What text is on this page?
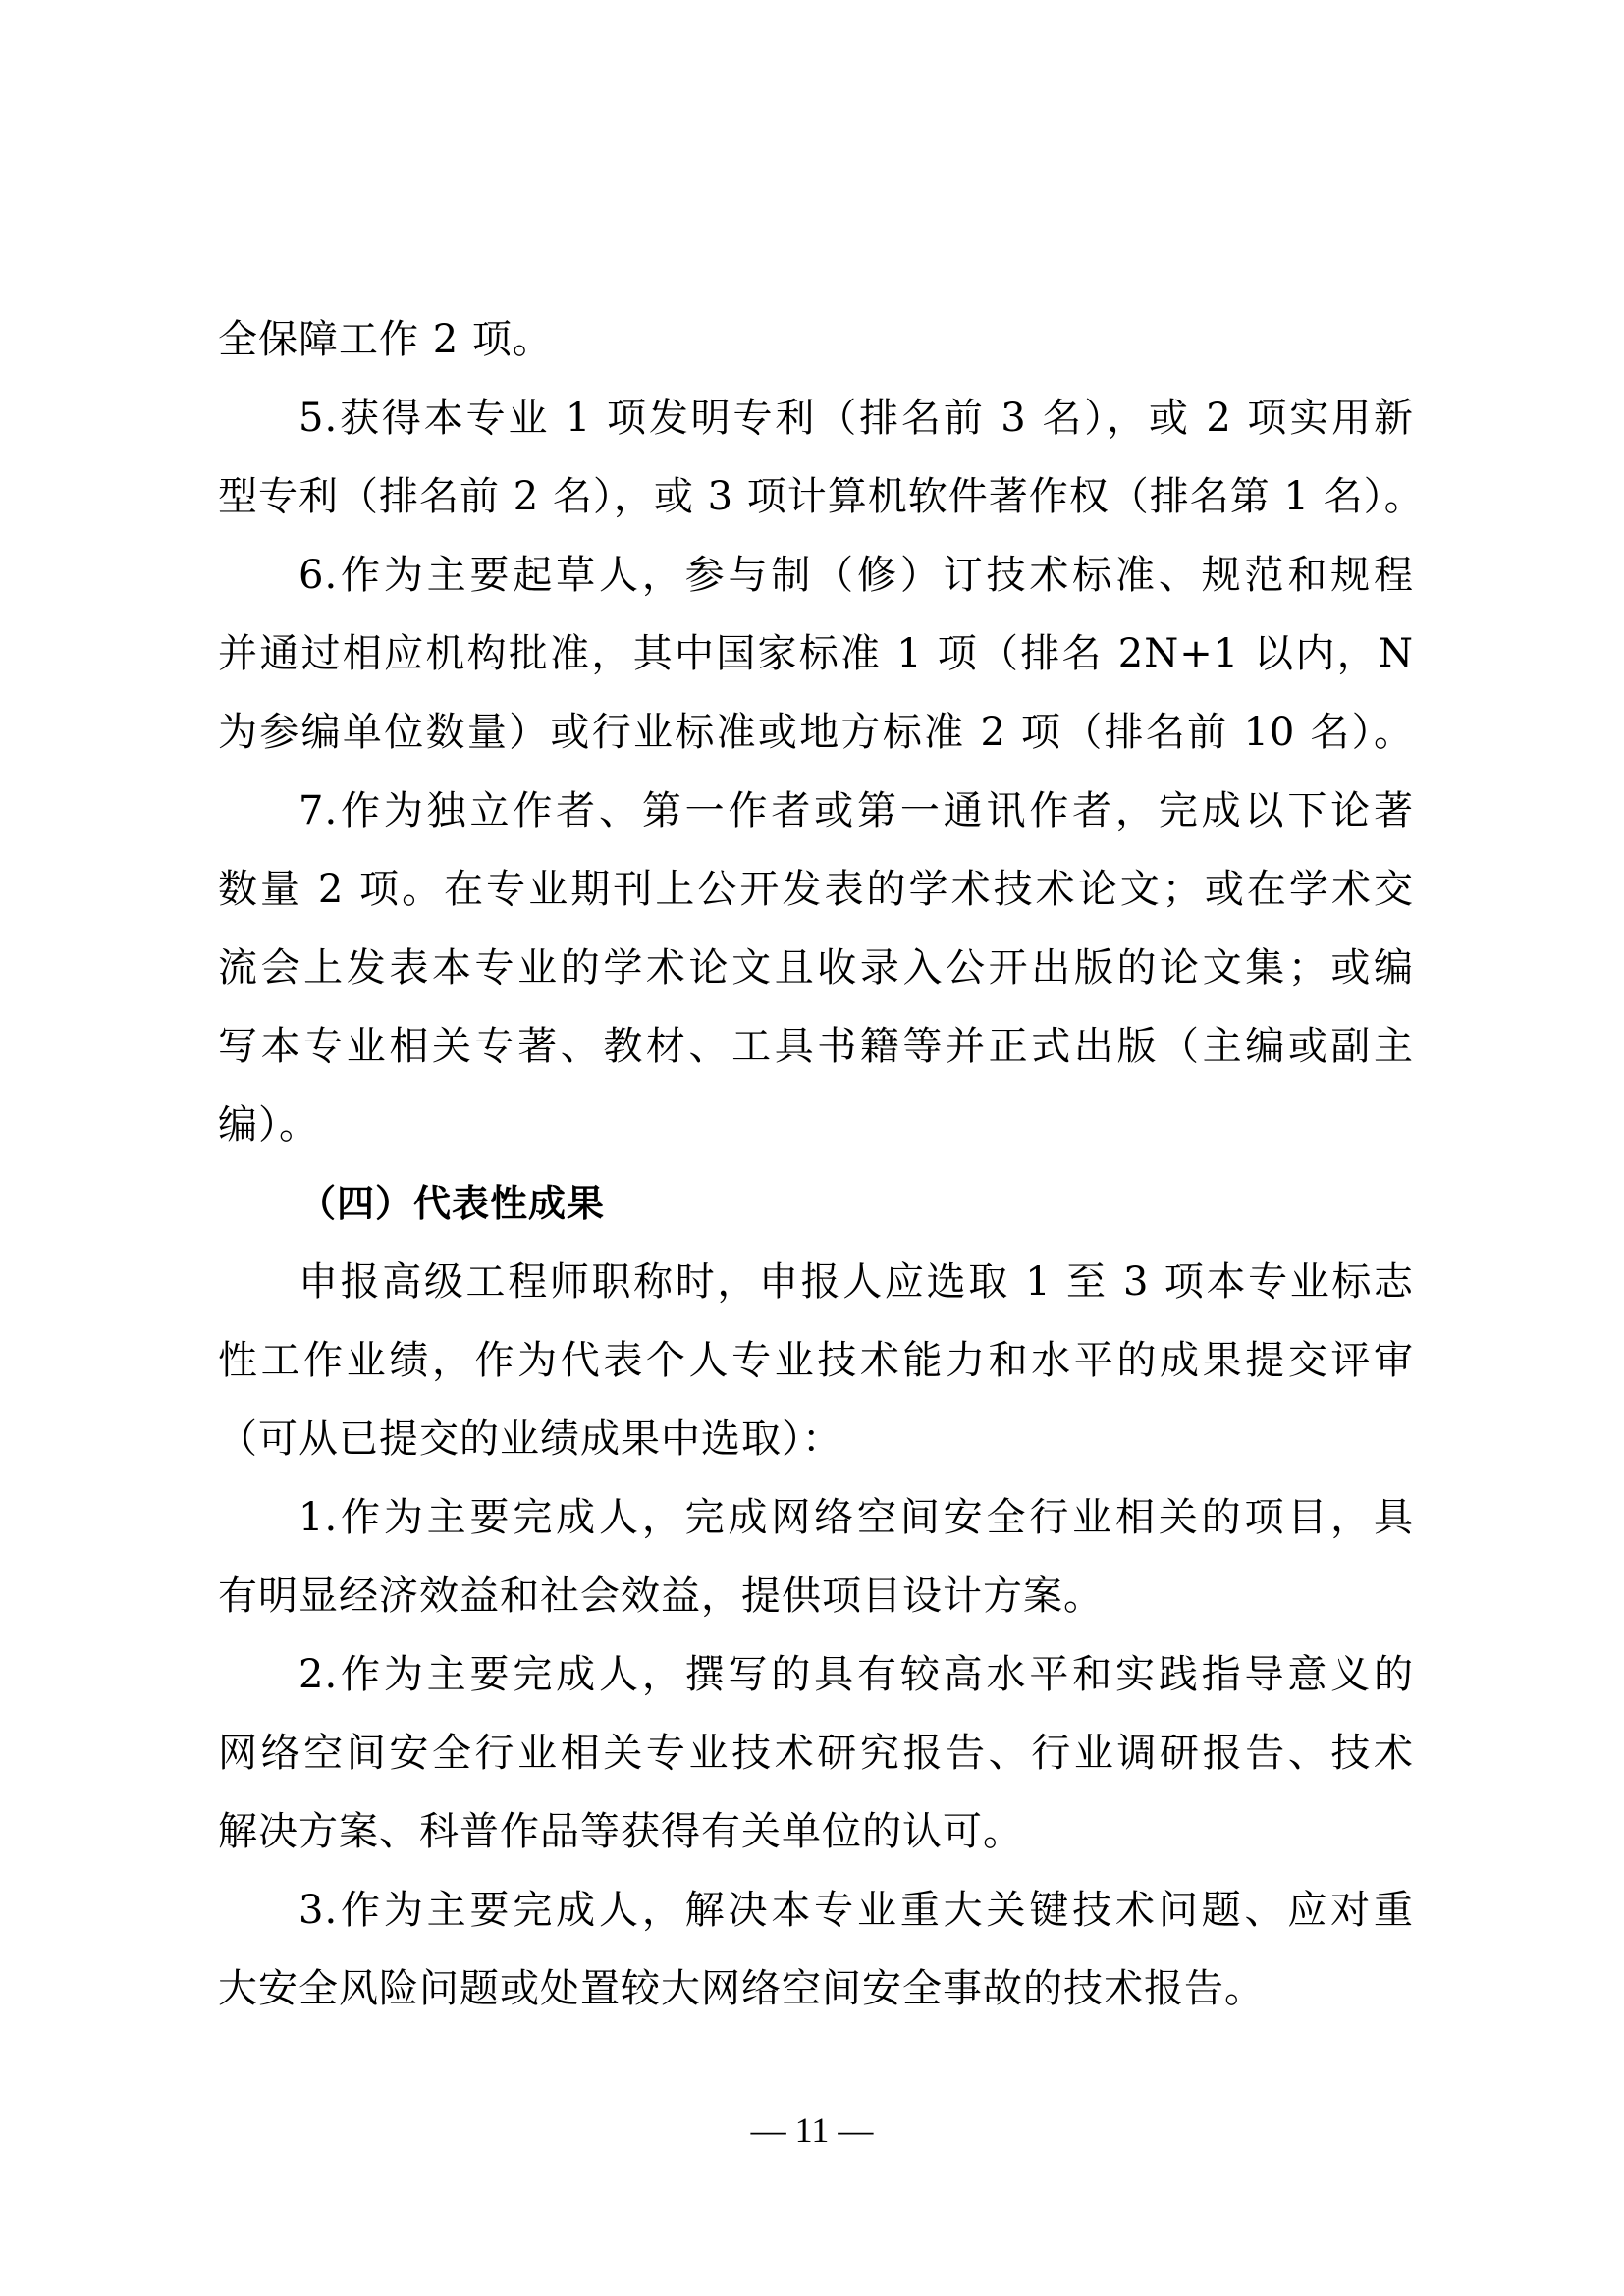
全保障工作 2 项。
5.获得本专业 1 项发明专利（排名前 3 名），或 2 项实用新
型专利（排名前 2 名），或 3 项计算机软件著作权（排名第 1 名）。
6.作为主要起草人，参与制（修）订技术标准、规范和规程
并通过相应机构批准，其中国家标准 1 项（排名 2N+1 以内，N
为参编单位数量）或行业标准或地方标准 2 项（排名前 10 名）。
7.作为独立作者、第一作者或第一通讯作者，完成以下论著
数量 2 项。在专业期刊上公开发表的学术技术论文；或在学术交
流会上发表本专业的学术论文且收录入公开出版的论文集；或编
写本专业相关专著、教材、工具书籍等并正式出版（主编或副主
编）。
（四）代表性成果
申报高级工程师职称时，申报人应选取 1 至 3 项本专业标志
性工作业绩，作为代表个人专业技术能力和水平的成果提交评审
（可从已提交的业绩成果中选取）：
1.作为主要完成人，完成网络空间安全行业相关的项目，具
有明显经济效益和社会效益，提供项目设计方案。
2.作为主要完成人，撰写的具有较高水平和实践指导意义的
网络空间安全行业相关专业技术研究报告、行业调研报告、技术
解决方案、科普作品等获得有关单位的认可。
3.作为主要完成人，解决本专业重大关键技术问题、应对重
大安全风险问题或处置较大网络空间安全事故的技术报告。
— 11 —
